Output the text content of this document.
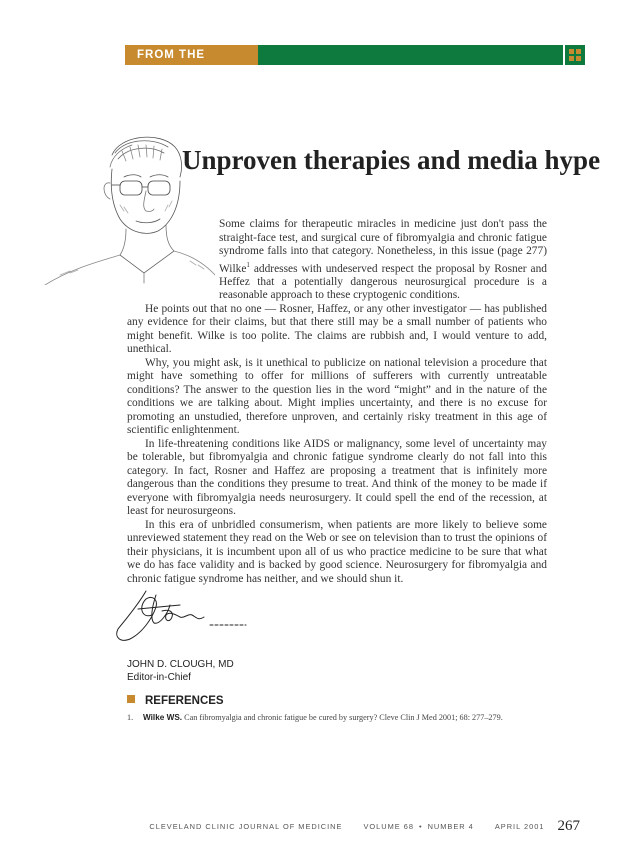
FROM THE EDITOR
Unproven therapies and media hype

Some claims for therapeutic miracles in medicine just don't pass the straight-face test, and surgical cure of fibromyalgia and chronic fatigue syndrome falls into that category. Nonetheless, in this issue (page 277) Wilke$^1$ addresses with undeserved respect the proposal by Rosner and Heffez that a potentially dangerous neurosurgical procedure is a reasonable approach to these cryptogenic conditions.

He points out that no one — Rosner, Haffez, or any other investigator — has published any evidence for their claims, but that there still may be a small number of patients who might benefit. Wilke is too polite. The claims are rubbish and, I would venture to add, unethical.

Why, you might ask, is it unethical to publicize on national television a procedure that might have something to offer for millions of sufferers with currently untreatable conditions? The answer to the question lies in the word “might” and in the nature of the conditions we are talking about. Might implies uncertainty, and there is no excuse for promoting an unstudied, therefore unproven, and certainly risky treatment in this age of scientific enlightenment.

In life-threatening conditions like AIDS or malignancy, some level of uncertainty may be tolerable, but fibromyalgia and chronic fatigue syndrome clearly do not fall into this category. In fact, Rosner and Haffez are proposing a treatment that is infinitely more dangerous than the conditions they presume to treat. And think of the money to be made if everyone with fibromyalgia needs neurosurgery. It could spell the end of the recession, at least for neurosurgeons.

In this era of unbridled consumerism, when patients are more likely to believe some unreviewed statement they read on the Web or see on television than to trust the opinions of their physicians, it is incumbent upon all of us who practice medicine to be sure that what we do has face validity and is backed by good science. Neurosurgery for fibromyalgia and chronic fatigue syndrome has neither, and we should shun it.

JOHN D. CLOUGH, MD
Editor-in-Chief
REFERENCES
1. Wilke WS. Can fibromyalgia and chronic fatigue be cured by surgery? Cleve Clin J Med 2001; 68: 277–279.
CLEVELAND CLINIC JOURNAL OF MEDICINE	VOLUME 68 • NUMBER 4	APRIL 2001 267
